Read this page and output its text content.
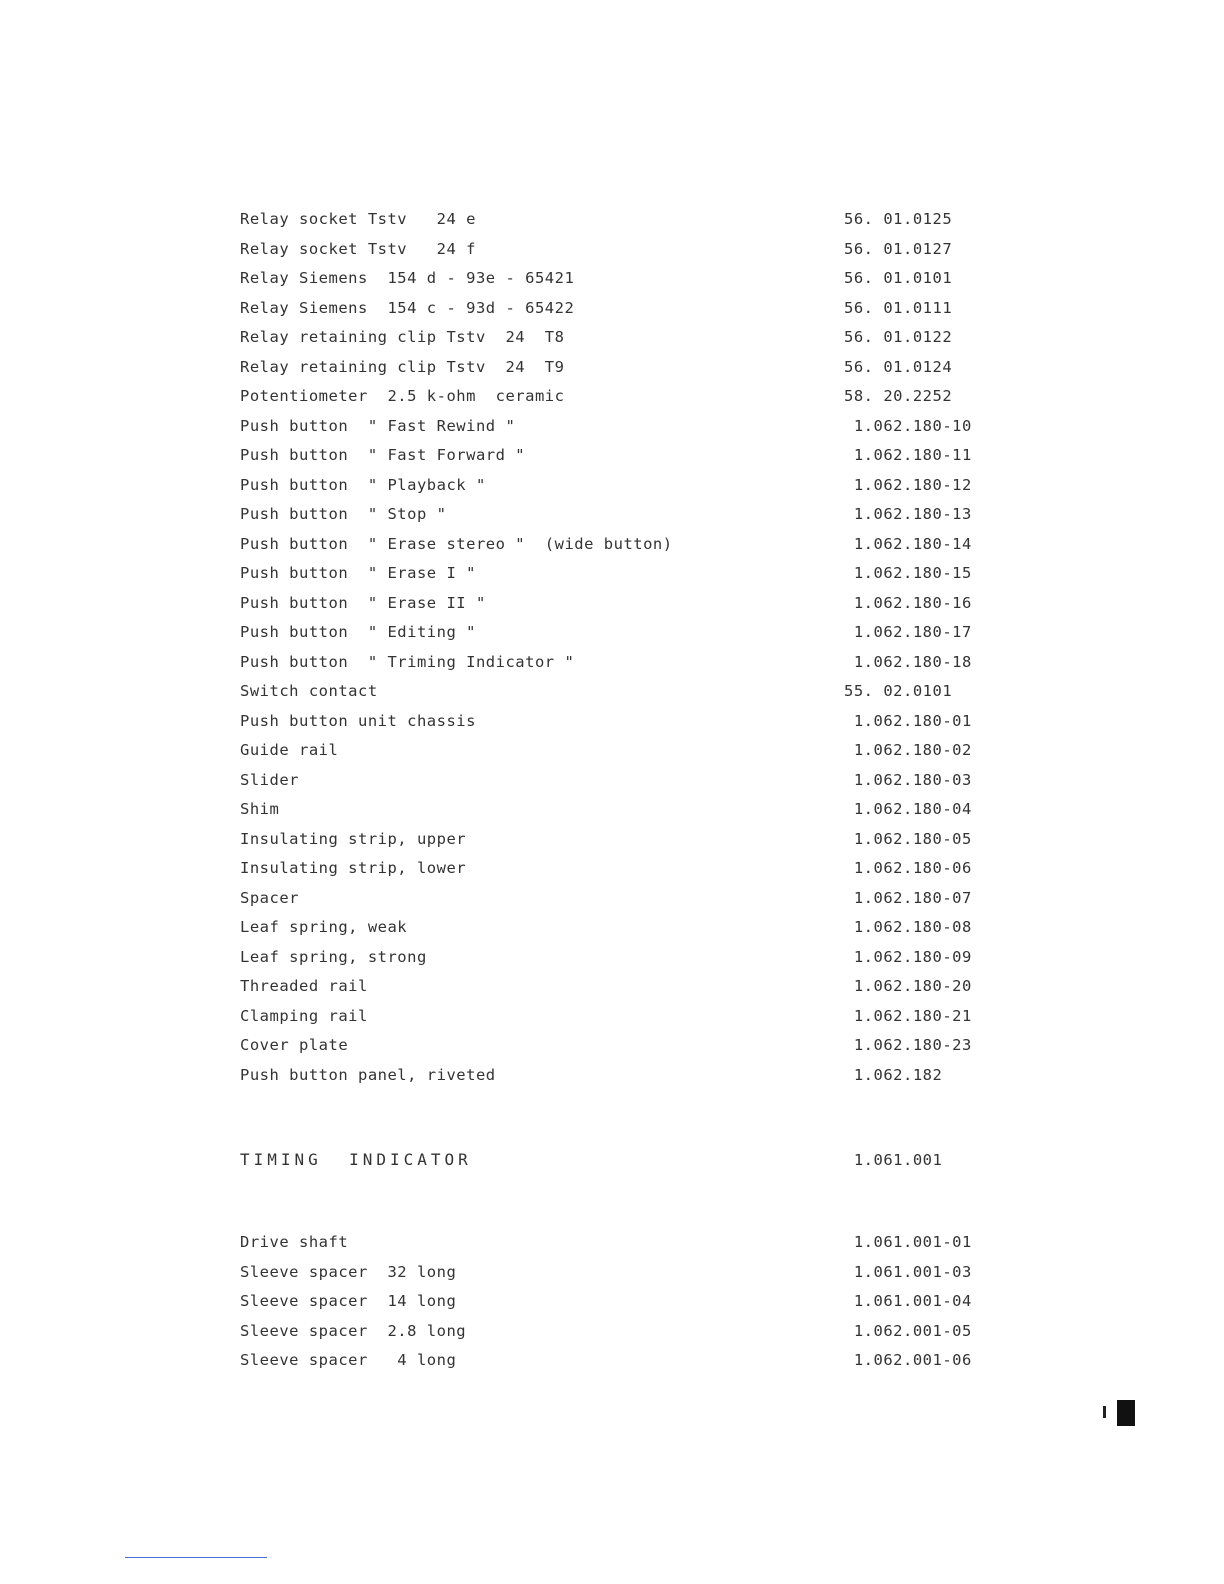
Relay socket Tstv   24 e	56. 01.0125
Relay socket Tstv   24 f	56. 01.0127
Relay Siemens  154 d - 93e - 65421	56. 01.0101
Relay Siemens  154 c - 93d - 65422	56. 01.0111
Relay retaining clip Tstv  24  T8	56. 01.0122
Relay retaining clip Tstv  24  T9	56. 01.0124
Potentiometer  2.5 k-ohm  ceramic	58. 20.2252
Push button  " Fast Rewind "	1.062.180-10
Push button  " Fast Forward "	1.062.180-11
Push button  " Playback "	1.062.180-12
Push button  " Stop "	1.062.180-13
Push button  " Erase stereo "  (wide button)	1.062.180-14
Push button  " Erase I "	1.062.180-15
Push button  " Erase II "	1.062.180-16
Push button  " Editing "	1.062.180-17
Push button  " Triming Indicator "	1.062.180-18
Switch contact	55. 02.0101
Push button unit chassis	1.062.180-01
Guide rail	1.062.180-02
Slider	1.062.180-03
Shim	1.062.180-04
Insulating strip, upper	1.062.180-05
Insulating strip, lower	1.062.180-06
Spacer	1.062.180-07
Leaf spring, weak	1.062.180-08
Leaf spring, strong	1.062.180-09
Threaded rail	1.062.180-20
Clamping rail	1.062.180-21
Cover plate	1.062.180-23
Push button panel, riveted	1.062.182
TIMING  INDICATOR	1.061.001
Drive shaft	1.061.001-01
Sleeve spacer  32 long	1.061.001-03
Sleeve spacer  14 long	1.061.001-04
Sleeve spacer  2.8 long	1.062.001-05
Sleeve spacer   4 long	1.062.001-06
